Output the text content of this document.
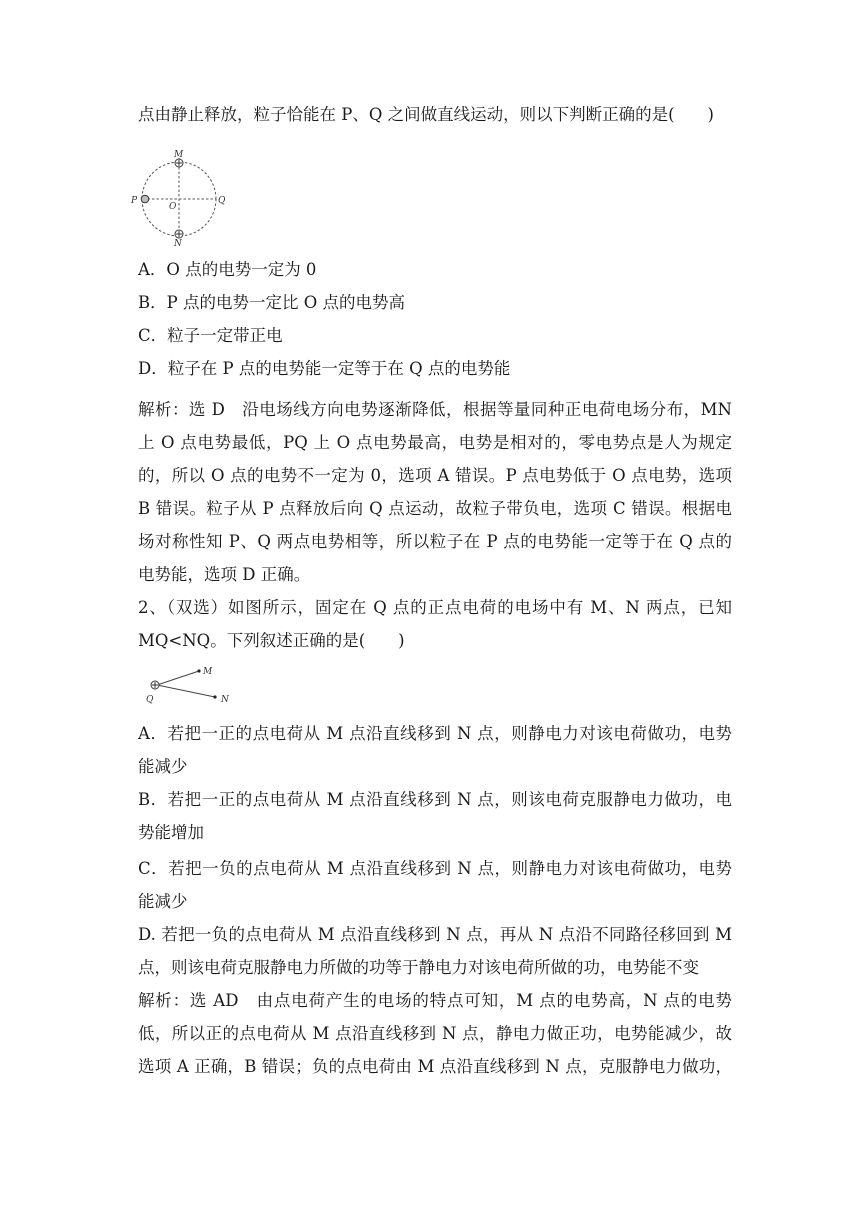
点由静止释放，粒子恰能在 P、Q 之间做直线运动，则以下判断正确的是(　　)
M
N
P	Q
O
A．O 点的电势一定为 0
B．P 点的电势一定比 O 点的电势高
C．粒子一定带正电
D．粒子在 P 点的电势能一定等于在 Q 点的电势能
解析：选 D　沿电场线方向电势逐渐降低，根据等量同种正电荷电场分布，MN
上 O 点电势最低，PQ 上 O 点电势最高，电势是相对的，零电势点是人为规定
的，所以 O 点的电势不一定为 0，选项 A 错误。P 点电势低于 O 点电势，选项
B 错误。粒子从 P 点释放后向 Q 点运动，故粒子带负电，选项 C 错误。根据电
场对称性知 P、Q 两点电势相等，所以粒子在 P 点的电势能一定等于在 Q 点的
电势能，选项 D 正确。
2、（双选）如图所示，固定在 Q 点的正点电荷的电场中有 M、N 两点，已知
MQ<NQ。下列叙述正确的是(　　)
Q
M
N
A．若把一正的点电荷从 M 点沿直线移到 N 点，则静电力对该电荷做功，电势
能减少
B．若把一正的点电荷从 M 点沿直线移到 N 点，则该电荷克服静电力做功，电
势能增加
C．若把一负的点电荷从 M 点沿直线移到 N 点，则静电力对该电荷做功，电势
能减少
D. 若把一负的点电荷从 M 点沿直线移到 N 点，再从 N 点沿不同路径移回到 M
点，则该电荷克服静电力所做的功等于静电力对该电荷所做的功，电势能不变
解析：选 AD　由点电荷产生的电场的特点可知，M 点的电势高，N 点的电势
低，所以正的点电荷从 M 点沿直线移到 N 点，静电力做正功，电势能减少，故
选项 A 正确，B 错误；负的点电荷由 M 点沿直线移到 N 点，克服静电力做功，
